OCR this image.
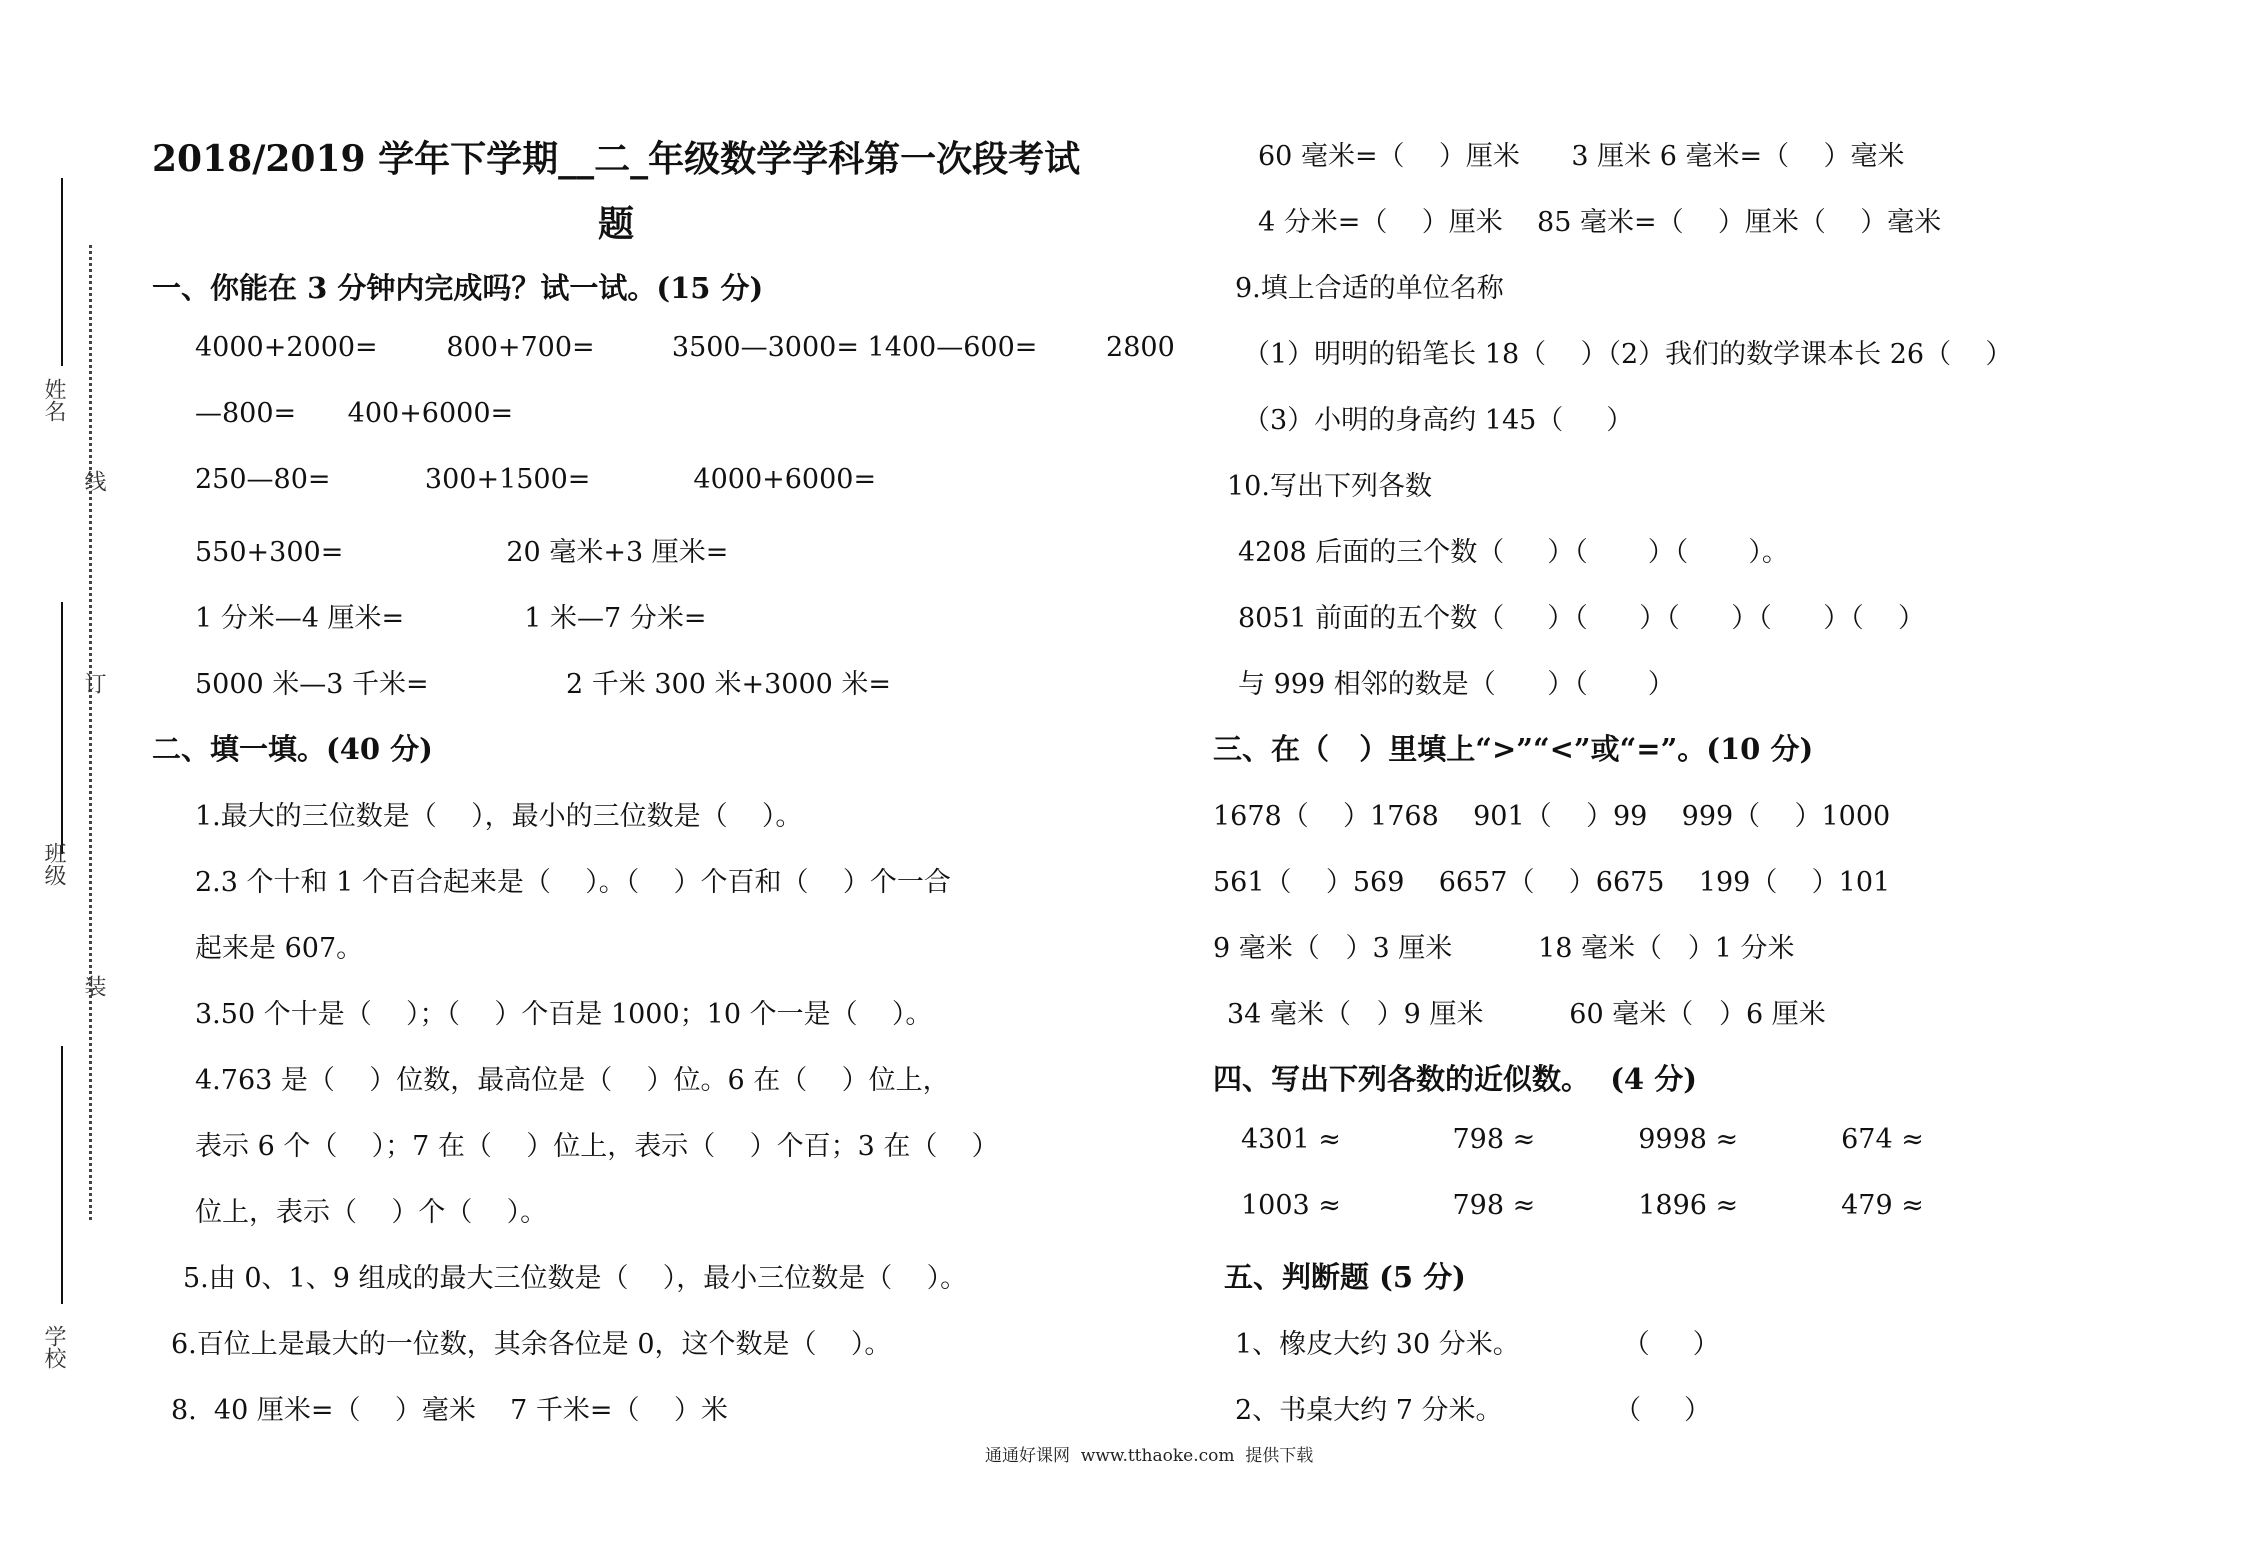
姓名
线
订
班级
装
学校
2018/2019 学年下学期__二_年级数学学科第一次段考试
题
一、你能在 3 分钟内完成吗？试一试。(15 分)
4000+2000=        800+700=         3500—3000= 1400—600=        2800
—800=      400+6000=
250—80=           300+1500=            4000+6000=
550+300=                   20 毫米+3 厘米=
1 分米—4 厘米=              1 米—7 分米=
5000 米—3 千米=                2 千米 300 米+3000 米=
二、填一填。(40 分)
1.最大的三位数是（    ），最小的三位数是（    ）。
2.3 个十和 1 个百合起来是（    ）。（    ）个百和（    ）个一合
起来是 607。
3.50 个十是（    ）；（    ）个百是 1000；10 个一是（    ）。
4.763 是（    ）位数，最高位是（    ）位。6 在（    ）位上，
表示 6 个（    ）；7 在（    ）位上，表示（    ）个百；3 在（    ）
位上，表示（    ）个（    ）。
5.由 0、1、9 组成的最大三位数是（    ），最小三位数是（    ）。
6.百位上是最大的一位数，其余各位是 0，这个数是（    ）。
8.  40 厘米=（    ）毫米    7 千米=（    ）米
60 毫米=（    ）厘米      3 厘米 6 毫米=（    ）毫米
4 分米=（    ）厘米    85 毫米=（    ）厘米（    ）毫米
9.填上合适的单位名称
（1）明明的铅笔长 18（    ）（2）我们的数学课本长 26（    ）
（3）小明的身高约 145（     ）
10.写出下列各数
4208 后面的三个数（     ）（       ）（       ）。
8051 前面的五个数（     ）（      ）（      ）（      ）（    ）
与 999 相邻的数是（      ）（       ）
三、在（   ）里填上“>”“<”或“=”。(10 分)
1678（    ）1768    901（    ）99    999（    ）1000
561（    ）569    6657（    ）6675    199（    ）101
9 毫米（   ）3 厘米          18 毫米（   ）1 分米
34 毫米（   ）9 厘米          60 毫米（   ）6 厘米
四、写出下列各数的近似数。  (4 分)
4301 ≈             798 ≈            9998 ≈            674 ≈
1003 ≈             798 ≈            1896 ≈            479 ≈
五、判断题 (5 分)
1、橡皮大约 30 分米。            （     ）
2、书桌大约 7 分米。             （     ）
通通好课网  www.tthaoke.com  提供下载
